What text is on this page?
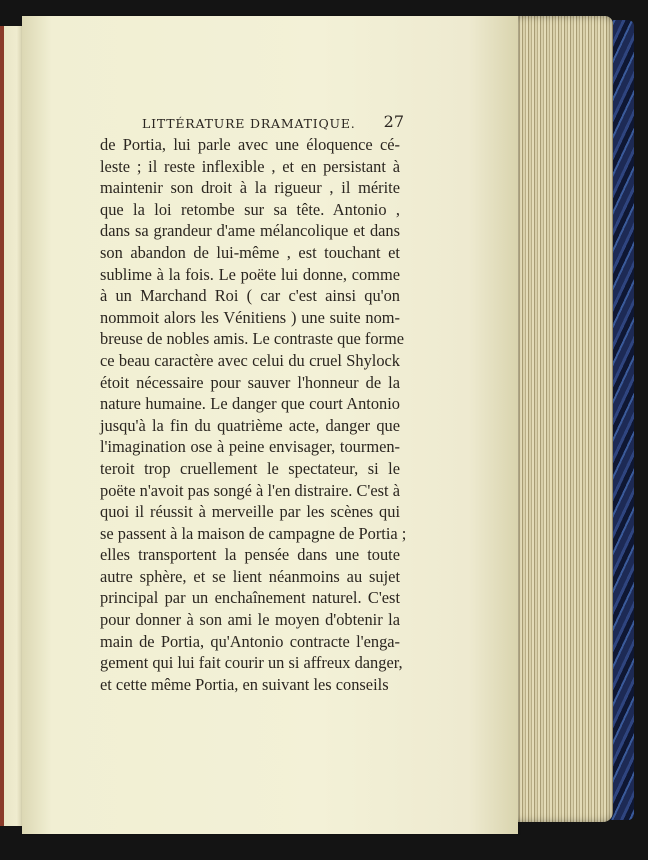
LITTÉRATURE DRAMATIQUE. 27
de Portia, lui parle avec une éloquence cé-
leste ; il reste inflexible , et en persistant à
maintenir son droit à la rigueur , il mérite
que la loi retombe sur sa tête. Antonio ,
dans sa grandeur d'ame mélancolique et dans
son abandon de lui-même , est touchant et
sublime à la fois. Le poëte lui donne, comme
à un Marchand Roi ( car c'est ainsi qu'on
nommoit alors les Vénitiens ) une suite nom-
breuse de nobles amis. Le contraste que forme
ce beau caractère avec celui du cruel Shylock
étoit nécessaire pour sauver l'honneur de la
nature humaine. Le danger que court Antonio
jusqu'à la fin du quatrième acte, danger que
l'imagination ose à peine envisager, tourmen-
teroit trop cruellement le spectateur, si le
poëte n'avoit pas songé à l'en distraire. C'est à
quoi il réussit à merveille par les scènes qui
se passent à la maison de campagne de Portia ;
elles transportent la pensée dans une toute
autre sphère, et se lient néanmoins au sujet
principal par un enchaînement naturel. C'est
pour donner à son ami le moyen d'obtenir la
main de Portia, qu'Antonio contracte l'enga-
gement qui lui fait courir un si affreux danger,
et cette même Portia, en suivant les conseils
